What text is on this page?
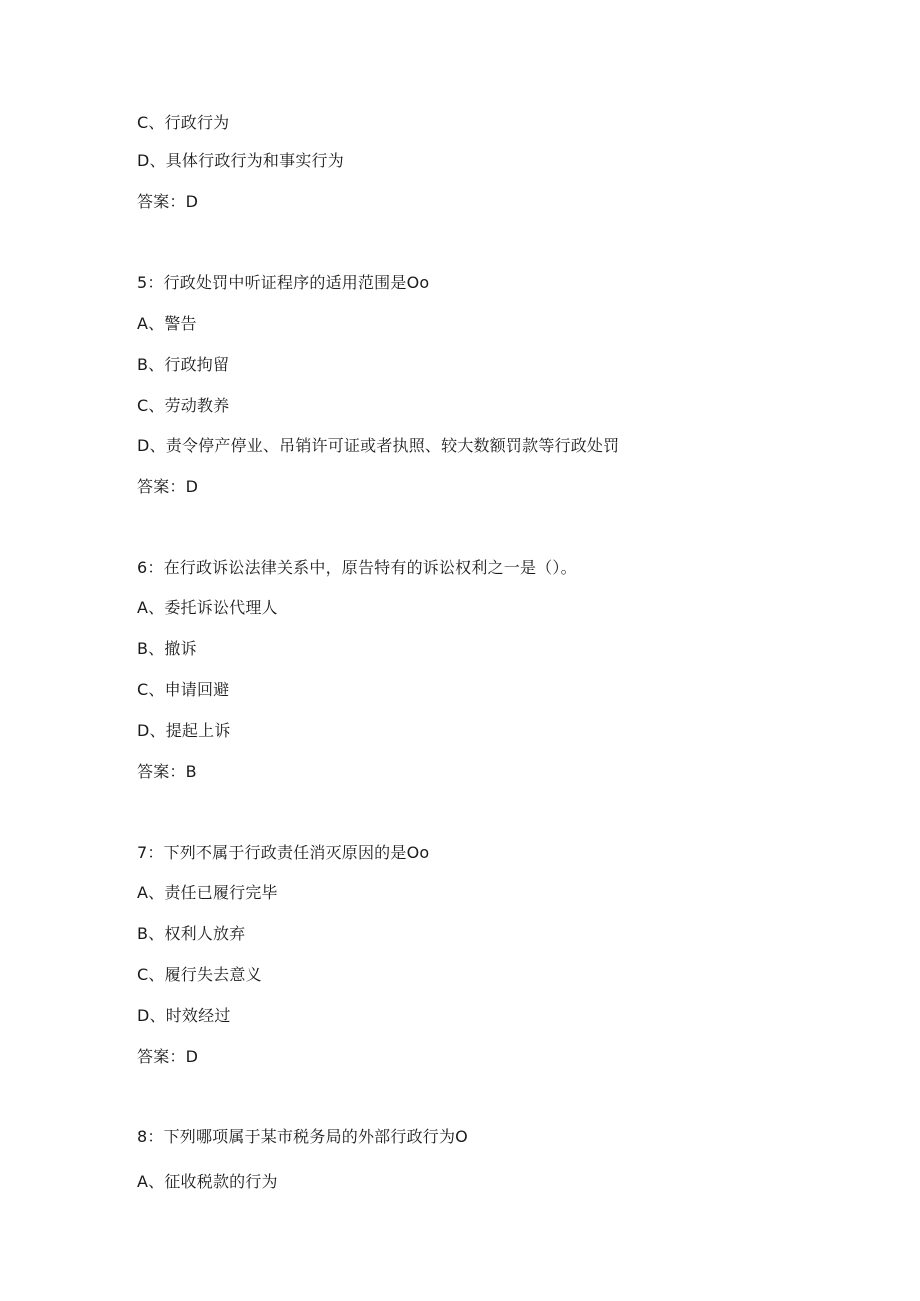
C、行政行为
D、具体行政行为和事实行为
答案：D
5：行政处罚中听证程序的适用范围是Oo
A、警告
B、行政拘留
C、劳动教养
D、责令停产停业、吊销许可证或者执照、较大数额罚款等行政处罚
答案：D
6：在行政诉讼法律关系中，原告特有的诉讼权利之一是（）。
A、委托诉讼代理人
B、撤诉
C、申请回避
D、提起上诉
答案：B
7：下列不属于行政责任消灭原因的是Oo
A、责任已履行完毕
B、权利人放弃
C、履行失去意义
D、时效经过
答案：D
8：下列哪项属于某市税务局的外部行政行为O
A、征收税款的行为
